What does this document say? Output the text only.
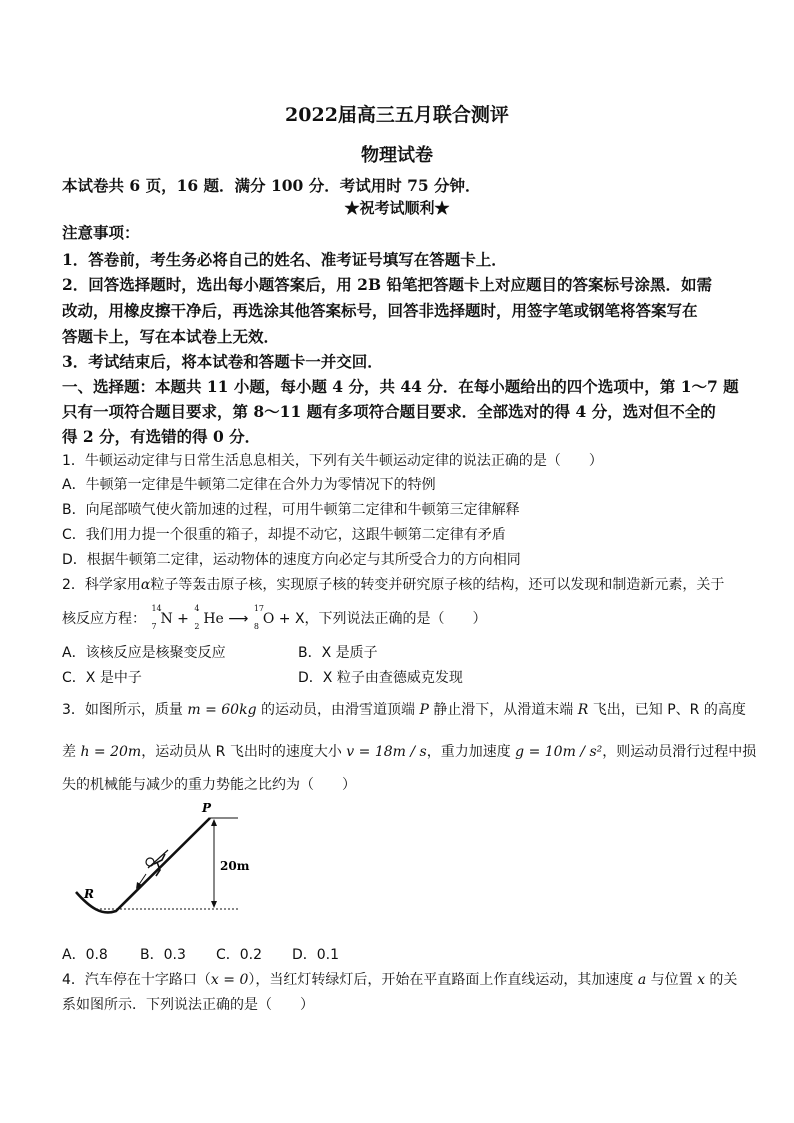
2022届高三五月联合测评
物理试卷
本试卷共 6 页，16 题．满分 100 分．考试用时 75 分钟．
★祝考试顺利★
注意事项：
1．答卷前，考生务必将自己的姓名、准考证号填写在答题卡上．
2．回答选择题时，选出每小题答案后，用 2B 铅笔把答题卡上对应题目的答案标号涂黑．如需
改动，用橡皮擦干净后，再选涂其他答案标号，回答非选择题时，用签字笔或钢笔将答案写在
答题卡上，写在本试卷上无效．
3．考试结束后，将本试卷和答题卡一并交回．
一、选择题：本题共 11 小题，每小题 4 分，共 44 分．在每小题给出的四个选项中，第 1～7 题
只有一项符合题目要求，第 8～11 题有多项符合题目要求．全部选对的得 4 分，选对但不全的
得 2 分，有选错的得 0 分．
1．牛顿运动定律与日常生活息息相关，下列有关牛顿运动定律的说法正确的是（　　）
A．牛顿第一定律是牛顿第二定律在合外力为零情况下的特例
B．向尾部喷气使火箭加速的过程，可用牛顿第二定律和牛顿第三定律解释
C．我们用力提一个很重的箱子，却提不动它，这跟牛顿第二定律有矛盾
D．根据牛顿第二定律，运动物体的速度方向必定与其所受合力的方向相同
2．科学家用α粒子等轰击原子核，实现原子核的转变并研究原子核的结构，还可以发现和制造新元素，关于
核反应方程：
14
7 N +
4
2 He ⟶
17
8 O + X，下列说法正确的是（　　）
A．该核反应是核聚变反应	B．X 是质子
C．X 是中子	D．X 粒子由查德威克发现
3．如图所示，质量 m = 60kg 的运动员，由滑雪道顶端 P 静止滑下，从滑道末端 R 飞出，已知 P、R 的高度
差 h = 20m，运动员从 R 飞出时的速度大小 v = 18m / s，重力加速度 g = 10m / s²，则运动员滑行过程中损
失的机械能与减少的重力势能之比约为（　　）
P
R
20m
A．0.8 B．0.3 C．0.2 D．0.1
4．汽车停在十字路口（x = 0），当红灯转绿灯后，开始在平直路面上作直线运动，其加速度 a 与位置 x 的关
系如图所示．下列说法正确的是（　　）
